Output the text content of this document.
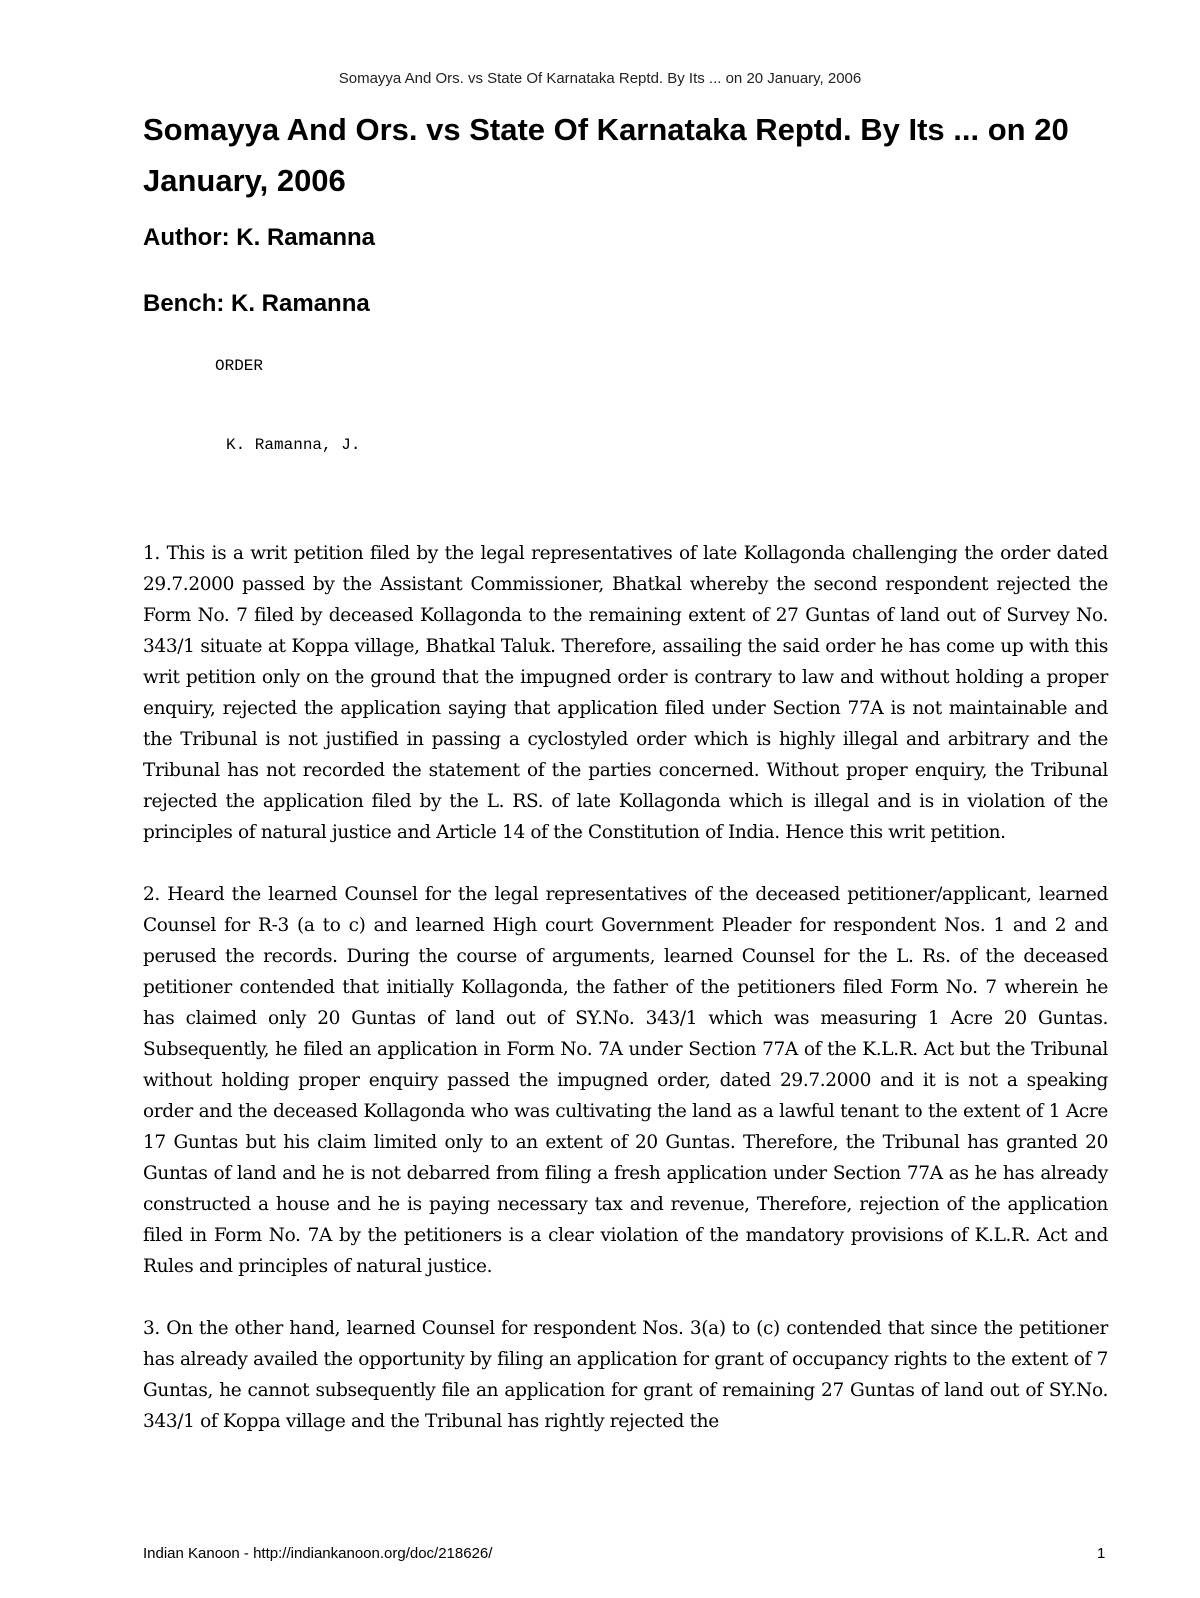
Somayya And Ors. vs State Of Karnataka Reptd. By Its ... on 20 January, 2006
Somayya And Ors. vs State Of Karnataka Reptd. By Its ... on 20 January, 2006
Author: K. Ramanna
Bench: K. Ramanna
ORDER
K. Ramanna, J.

1. This is a writ petition filed by the legal representatives of late Kollagonda challenging the order dated 29.7.2000 passed by the Assistant Commissioner, Bhatkal whereby the second respondent rejected the Form No. 7 filed by deceased Kollagonda to the remaining extent of 27 Guntas of land out of Survey No. 343/1 situate at Koppa village, Bhatkal Taluk. Therefore, assailing the said order he has come up with this writ petition only on the ground that the impugned order is contrary to law and without holding a proper enquiry, rejected the application saying that application filed under Section 77A is not maintainable and the Tribunal is not justified in passing a cyclostyled order which is highly illegal and arbitrary and the Tribunal has not recorded the statement of the parties concerned. Without proper enquiry, the Tribunal rejected the application filed by the L. RS. of late Kollagonda which is illegal and is in violation of the principles of natural justice and Article 14 of the Constitution of India. Hence this writ petition.

2. Heard the learned Counsel for the legal representatives of the deceased petitioner/applicant, learned Counsel for R-3 (a to c) and learned High court Government Pleader for respondent Nos. 1 and 2 and perused the records. During the course of arguments, learned Counsel for the L. Rs. of the deceased petitioner contended that initially Kollagonda, the father of the petitioners filed Form No. 7 wherein he has claimed only 20 Guntas of land out of SY.No. 343/1 which was measuring 1 Acre 20 Guntas. Subsequently, he filed an application in Form No. 7A under Section 77A of the K.L.R. Act but the Tribunal without holding proper enquiry passed the impugned order, dated 29.7.2000 and it is not a speaking order and the deceased Kollagonda who was cultivating the land as a lawful tenant to the extent of 1 Acre 17 Guntas but his claim limited only to an extent of 20 Guntas. Therefore, the Tribunal has granted 20 Guntas of land and he is not debarred from filing a fresh application under Section 77A as he has already constructed a house and he is paying necessary tax and revenue, Therefore, rejection of the application filed in Form No. 7A by the petitioners is a clear violation of the mandatory provisions of K.L.R. Act and Rules and principles of natural justice.

3. On the other hand, learned Counsel for respondent Nos. 3(a) to (c) contended that since the petitioner has already availed the opportunity by filing an application for grant of occupancy rights to the extent of 7 Guntas, he cannot subsequently file an application for grant of remaining 27 Guntas of land out of SY.No. 343/1 of Koppa village and the Tribunal has rightly rejected the

Indian Kanoon - http://indiankanoon.org/doc/218626/	1
